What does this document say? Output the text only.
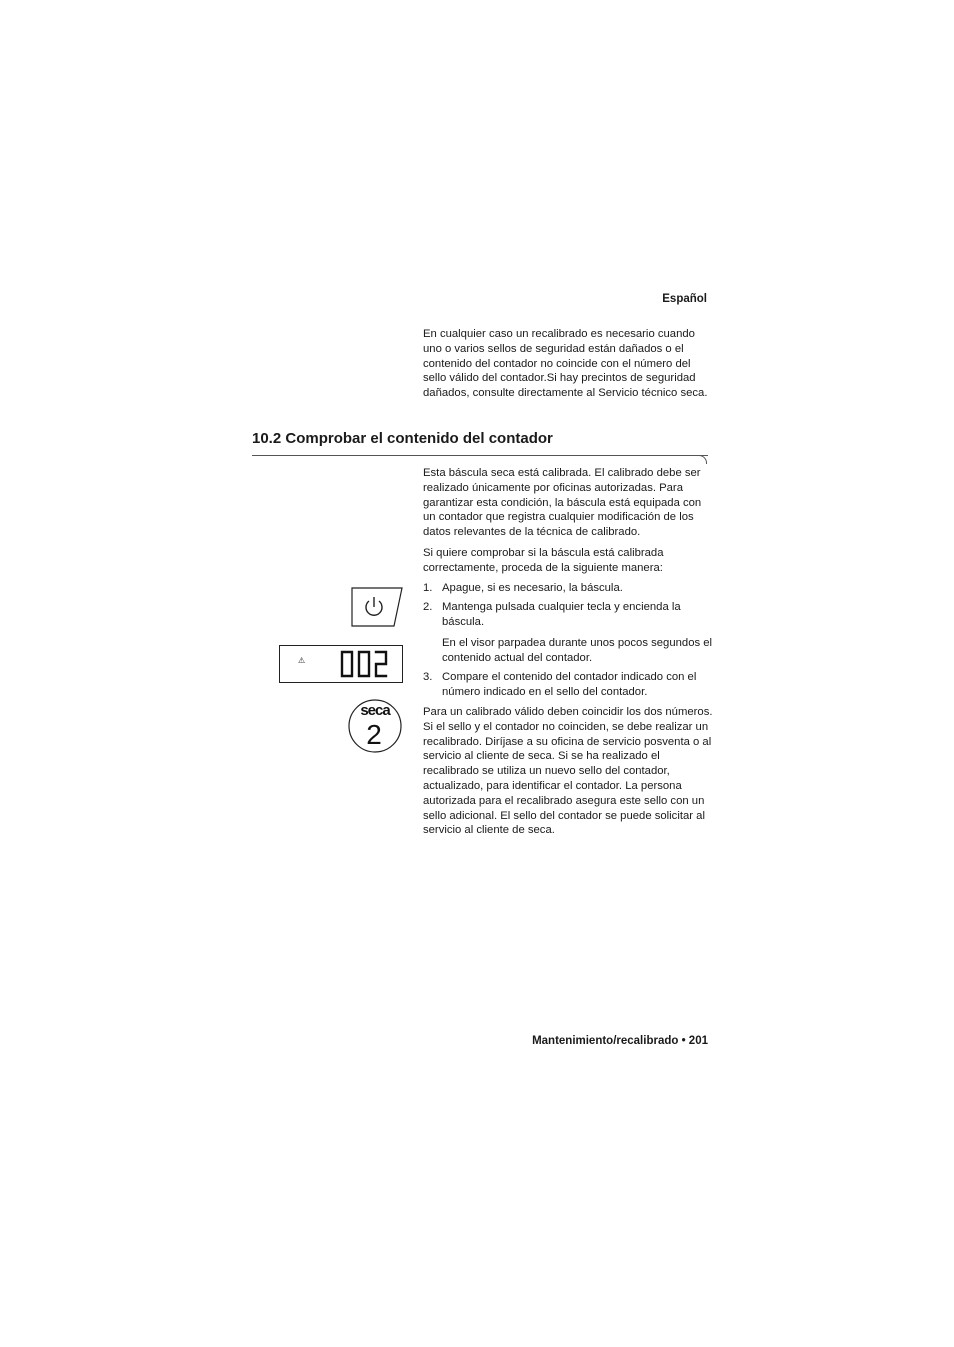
Español

En cualquier caso un recalibrado es necesario cuando uno o varios sellos de seguridad están dañados o el contenido del contador no coincide con el número del sello válido del contador.Si hay precintos de seguridad dañados, consulte directamente al Servicio técnico seca.

10.2 Comprobar el contenido del contador

Esta báscula seca está calibrada. El calibrado debe ser realizado únicamente por oficinas autorizadas. Para garantizar esta condición, la báscula está equipada con un contador que registra cualquier modificación de los datos relevantes de la técnica de calibrado.

Si quiere comprobar si la báscula está calibrada correctamente, proceda de la siguiente manera:

1. Apague, si es necesario, la báscula.
2. Mantenga pulsada cualquier tecla y encienda la báscula.
En el visor parpadea durante unos pocos segundos el contenido actual del contador.
3. Compare el contenido del contador indicado con el número indicado en el sello del contador.

Para un calibrado válido deben coincidir los dos números. Si el sello y el contador no coinciden, se debe realizar un recalibrado. Diríjase a su oficina de servicio posventa o al servicio al cliente de seca. Si se ha realizado el recalibrado se utiliza un nuevo sello del contador, actualizado, para identificar el contador. La persona autorizada para el recalibrado asegura este sello con un sello adicional. El sello del contador se puede solicitar al servicio al cliente de seca.

⚠
seca
2
Mantenimiento/recalibrado • 201
